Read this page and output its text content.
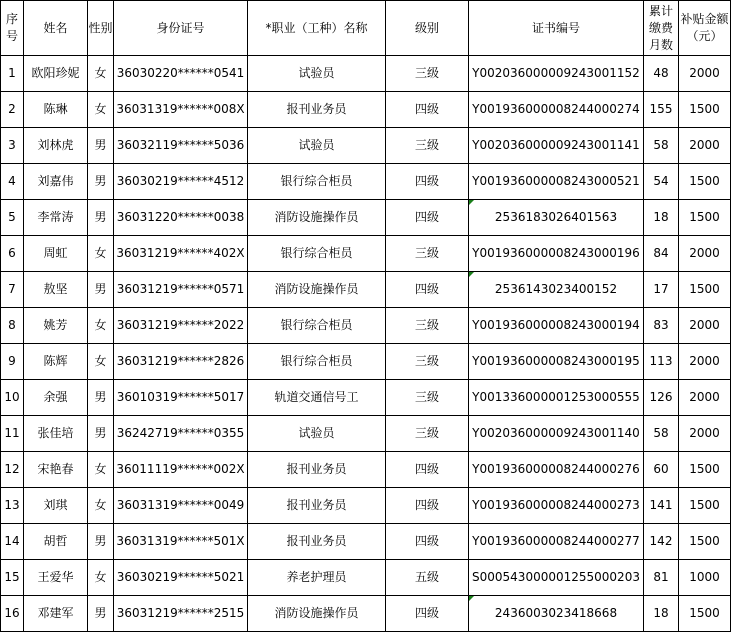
序号	姓名	性别	身份证号	*职业（工种）名称	级别	证书编号	累计缴费月数	补贴金额（元）
1	欧阳珍妮	女	36030220******0541	试验员	三级	Y002036000009243001152	48	2000
2	陈琳	女	36031319******008X	报刊业务员	四级	Y001936000008244000274	155	1500
3	刘林虎	男	36032119******5036	试验员	三级	Y002036000009243001141	58	2000
4	刘嘉伟	男	36030219******4512	银行综合柜员	四级	Y001936000008243000521	54	1500
5	李常涛	男	36031220******0038	消防设施操作员	四级	2536183026401563	18	1500
6	周虹	女	36031219******402X	银行综合柜员	三级	Y001936000008243000196	84	2000
7	敖坚	男	36031219******0571	消防设施操作员	四级	2536143023400152	17	1500
8	姚芳	女	36031219******2022	银行综合柜员	三级	Y001936000008243000194	83	2000
9	陈辉	女	36031219******2826	银行综合柜员	三级	Y001936000008243000195	113	2000
10	余强	男	36010319******5017	轨道交通信号工	三级	Y001336000001253000555	126	2000
11	张佳培	男	36242719******0355	试验员	三级	Y002036000009243001140	58	2000
12	宋艳春	女	36011119******002X	报刊业务员	四级	Y001936000008244000276	60	1500
13	刘琪	女	36031319******0049	报刊业务员	四级	Y001936000008244000273	141	1500
14	胡哲	男	36031319******501X	报刊业务员	四级	Y001936000008244000277	142	1500
15	王爱华	女	36030219******5021	养老护理员	五级	S000543000001255000203	81	1000
16	邓建军	男	36031219******2515	消防设施操作员	四级	2436003023418668	18	1500
